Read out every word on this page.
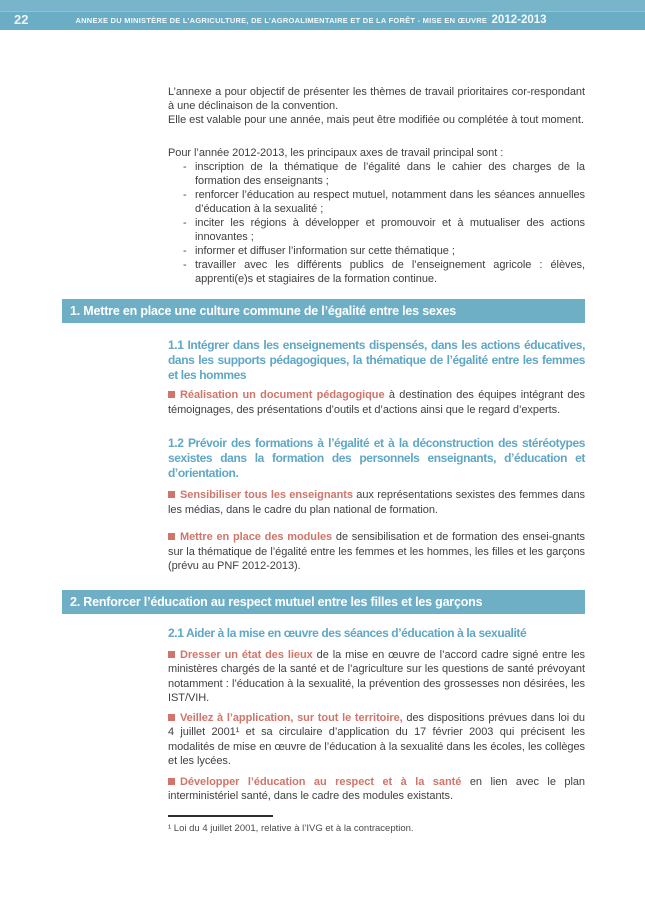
22	ANNEXE DU MINISTÈRE DE L’AGRICULTURE, DE L’AGROALIMENTAIRE ET DE LA FORÊT - MISE EN ŒUVRE 2012-2013

L’annexe a pour objectif de présenter les thèmes de travail prioritaires cor-respondant à une déclinaison de la convention.

Elle est valable pour une année, mais peut être modifiée ou complétée à tout moment.

Pour l’année 2012-2013, les principaux axes de travail principal sont :

- inscription de la thématique de l’égalité dans le cahier des charges de la formation des enseignants ;
- renforcer l’éducation au respect mutuel, notamment dans les séances annuelles d’éducation à la sexualité ;
- inciter les régions à développer et promouvoir et à mutualiser des actions innovantes ;
- informer et diffuser l’information sur cette thématique ;
- travailler avec les différents publics de l’enseignement agricole : élèves, apprenti(e)s et stagiaires de la formation continue.
1. Mettre en place une culture commune de l’égalité entre les sexes
1.1 Intégrer dans les enseignements dispensés, dans les actions éducatives, dans les supports pédagogiques, la thématique de l’égalité entre les femmes et les hommes

Réalisation un document pédagogique à destination des équipes intégrant des témoignages, des présentations d’outils et d’actions ainsi que le regard d’experts.

1.2 Prévoir des formations à l’égalité et à la déconstruction des stéréotypes sexistes dans la formation des personnels enseignants, d’éducation et d’orientation.

Sensibiliser tous les enseignants aux représentations sexistes des femmes dans les médias, dans le cadre du plan national de formation.

Mettre en place des modules de sensibilisation et de formation des ensei-gnants sur la thématique de l’égalité entre les femmes et les hommes, les filles et les garçons (prévu au PNF 2012-2013).

2. Renforcer l’éducation au respect mutuel entre les filles et les garçons
2.1 Aider à la mise en œuvre des séances d’éducation à la sexualité

Dresser un état des lieux de la mise en œuvre de l’accord cadre signé entre les ministères chargés de la santé et de l’agriculture sur les questions de santé prévoyant notamment : l’éducation à la sexualité, la prévention des grossesses non désirées, les IST/VIH.

Veillez à l’application, sur tout le territoire, des dispositions prévues dans loi du 4 juillet 2001¹ et sa circulaire d’application du 17 février 2003 qui précisent les modalités de mise en œuvre de l’éducation à la sexualité dans les écoles, les collèges et les lycées.

Développer l’éducation au respect et à la santé en lien avec le plan interministériel santé, dans le cadre des modules existants.

¹ Loi du 4 juillet 2001, relative à l’IVG et à la contraception.
